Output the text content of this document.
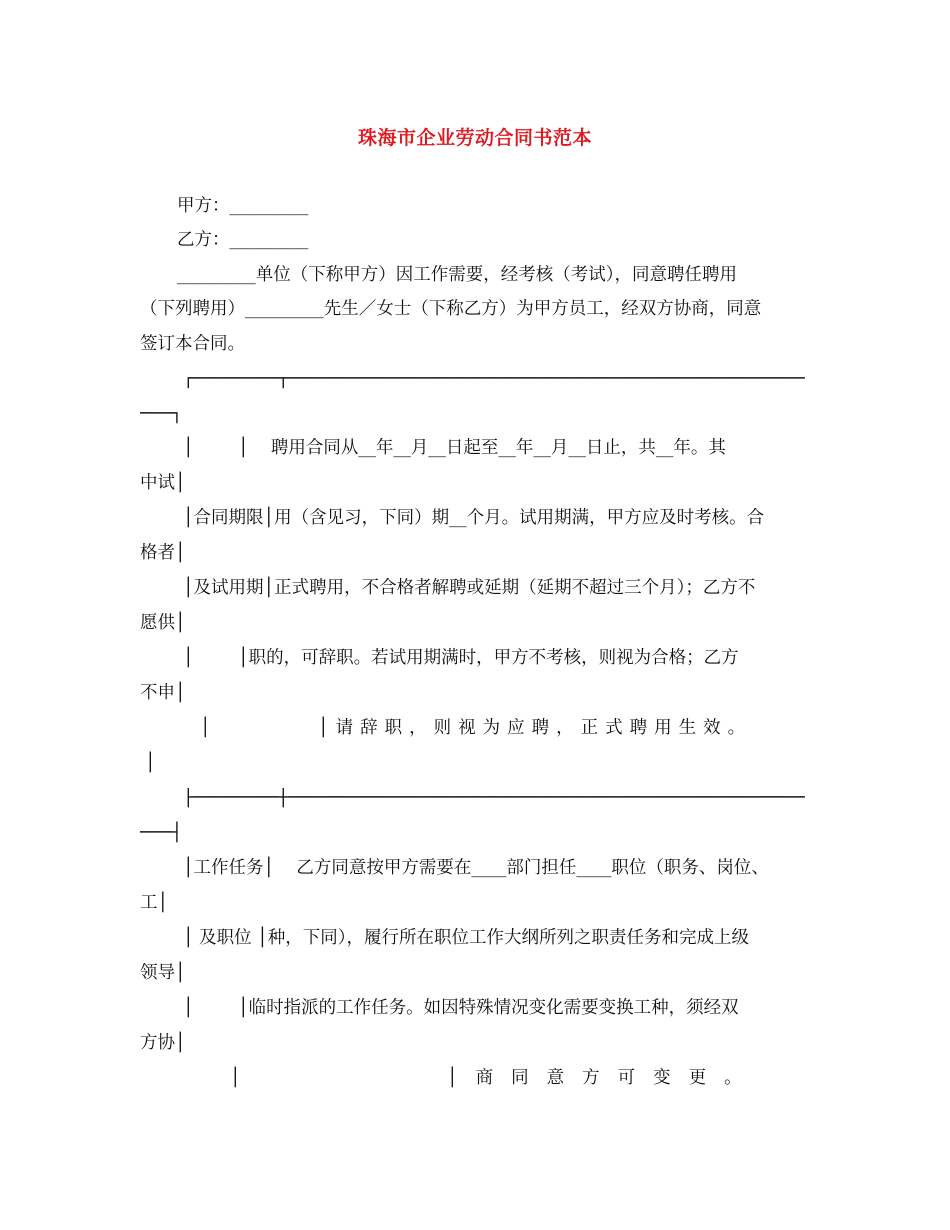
珠海市企业劳动合同书范本
甲方：_________
乙方：_________
_________单位（下称甲方）因工作需要，经考核（考试），同意聘任聘用
（下列聘用）_________先生／女士（下称乙方）为甲方员工，经双方协商，同意
签订本合同。
┌────────┬─────────────────────────────────────────────────
───┐
│        │    聘用合同从__年__月__日起至__年__月__日止，共__年。其
中试│
│合同期限│用（含见习，下同）期__个月。试用期满，甲方应及时考核。合
格者│
│及试用期│正式聘用，不合格者解聘或延期（延期不超过三个月）；乙方不
愿供│
│        │职的，可辞职。若试用期满时，甲方不考核，则视为合格；乙方
不申│
│        │请辞职，则视为应聘，正式聘用生效。
│
├────────┼─────────────────────────────────────────────────
───┤
│工作任务│    乙方同意按甲方需要在____部门担任____职位（职务、岗位、
工│
│ 及职位 │种，下同），履行所在职位工作大纲所列之职责任务和完成上级
领导│
│        │临时指派的工作任务。如因特殊情况变化需要变换工种，须经双
方协│
│        │商同意方可变更。
